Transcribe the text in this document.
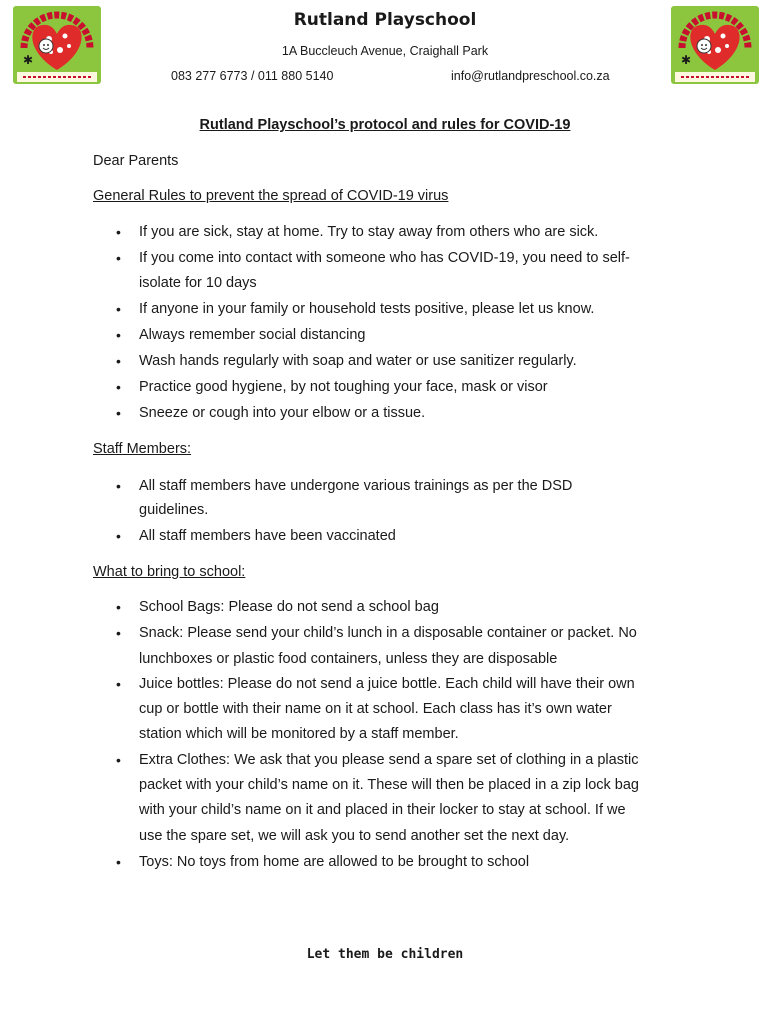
✱	✱
Rutland Playschool
1A Buccleuch Avenue, Craighall Park
083 277 6773 / 011 880 5140	info@rutlandpreschool.co.za
Rutland Playschool’s protocol and rules for COVID-19
Dear Parents
General Rules to prevent the spread of COVID-19 virus
• If you are sick, stay at home. Try to stay away from others who are sick.
• If you come into contact with someone who has COVID-19, you need to self-
isolate for 10 days
• If anyone in your family or household tests positive, please let us know.
• Always remember social distancing
• Wash hands regularly with soap and water or use sanitizer regularly.
• Practice good hygiene, by not toughing your face, mask or visor
• Sneeze or cough into your elbow or a tissue.
Staff Members:
• All staff members have undergone various trainings as per the DSD
guidelines.
• All staff members have been vaccinated
What to bring to school:
• School Bags: Please do not send a school bag
• Snack: Please send your child’s lunch in a disposable container or packet. No
lunchboxes or plastic food containers, unless they are disposable
• Juice bottles: Please do not send a juice bottle. Each child will have their own
cup or bottle with their name on it at school. Each class has it’s own water
station which will be monitored by a staff member.
• Extra Clothes: We ask that you please send a spare set of clothing in a plastic
packet with your child’s name on it. These will then be placed in a zip lock bag
with your child’s name on it and placed in their locker to stay at school. If we
use the spare set, we will ask you to send another set the next day.
• Toys: No toys from home are allowed to be brought to school
Let them be children
